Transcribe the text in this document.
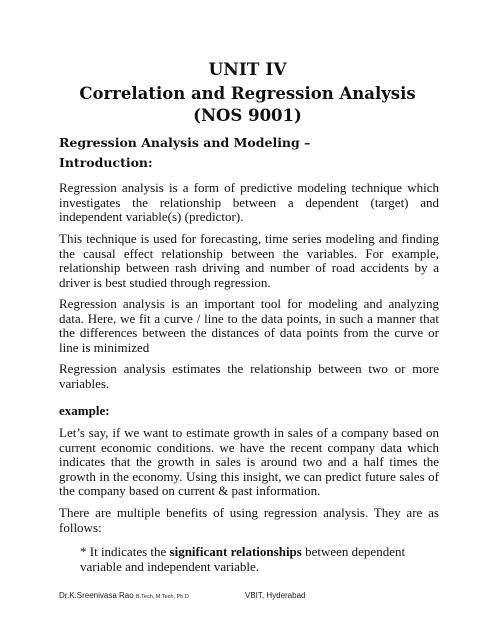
UNIT IV
Correlation and Regression Analysis
(NOS 9001)
Regression Analysis and Modeling –
Introduction:

Regression analysis is a form of predictive modeling technique which investigates the relationship between a dependent (target) and independent variable(s) (predictor).

This technique is used for forecasting, time series modeling and finding the causal effect relationship between the variables. For example, relationship between rash driving and number of road accidents by a driver is best studied through regression.

Regression analysis is an important tool for modeling and analyzing data. Here, we fit a curve / line to the data points, in such a manner that the differences between the distances of data points from the curve or line is minimized

Regression analysis estimates the relationship between two or more variables.

example:

Let’s say, if we want to estimate growth in sales of a company based on current economic conditions. we have the recent company data which indicates that the growth in sales is around two and a half times the growth in the economy. Using this insight, we can predict future sales of the company based on current & past information.

There are multiple benefits of using regression analysis. They are as follows:

* It indicates the significant relationships between dependent variable and independent variable.

Dr.K.Sreenivasa Rao B.Tech, M.Tech, Ph.D	VBIT, Hyderabad
